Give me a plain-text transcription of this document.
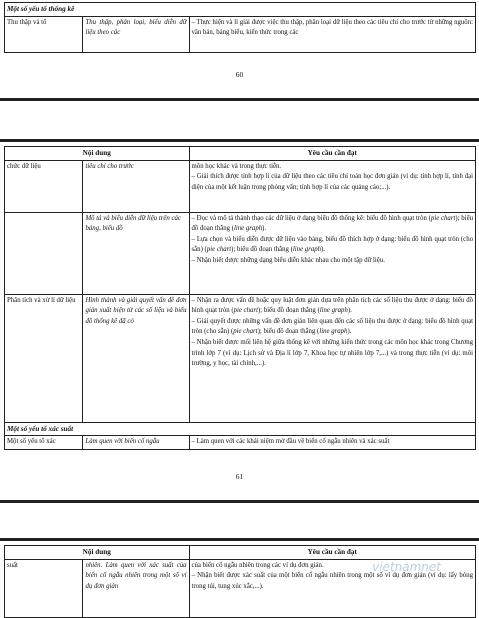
Một số yếu tố thống kê
Thu thập và tổ	Thu thập, phân loại, biểu diễn dữ liệu theo các	– Thực hiện và lí giải được việc thu thập, phân loại dữ liệu theo các tiêu chí cho trước từ những nguồn: văn bản, bảng biểu, kiến thức trong các
60
Nội dung		Yêu cầu cần đạt
chức dữ liệu	tiêu chí cho trước	môn học khác và trong thực tiễn.
– Giải thích được tính hợp lí của dữ liệu theo các tiêu chí toán học đơn giản (ví dụ: tính hợp lí, tính đại diện của một kết luận trong phỏng vấn; tính hợp lí của các quảng cáo;...).

	Mô tả và biểu diễn dữ liệu trên các bảng, biểu đồ	– Đọc và mô tả thành thạo các dữ liệu ở dạng biểu đồ thống kê: biểu đồ hình quạt tròn (pie chart); biểu đồ đoạn thẳng (line graph).
– Lựa chọn và biểu diễn được dữ liệu vào bảng, biểu đồ thích hợp ở dạng: biểu đồ hình quạt tròn (cho sẵn) (pie chart); biểu đồ đoạn thẳng (line graph).
– Nhận biết được những dạng biểu diễn khác nhau cho một tập dữ liệu.

Phân tích và xử lí dữ liệu	Hình thành và giải quyết vấn đề đơn giản xuất hiện từ các số liệu và biểu đồ thống kê đã có	– Nhận ra được vấn đề hoặc quy luật đơn giản dựa trên phân tích các số liệu thu được ở dạng: biểu đồ hình quạt tròn (pie chart); biểu đồ đoạn thẳng (line graph).
– Giải quyết được những vấn đề đơn giản liên quan đến các số liệu thu được ở dạng: biểu đồ hình quạt tròn (cho sẵn) (pie chart); biểu đồ đoạn thẳng (line graph).
– Nhận biết được mối liên hệ giữa thống kê với những kiến thức trong các môn học khác trong Chương trình lớp 7 (ví dụ: Lịch sử và Địa lí lớp 7, Khoa học tự nhiên lớp 7,...) và trong thực tiễn (ví dụ: môi trường, y học, tài chính,...).

Một số yếu tố xác suất		
Một số yếu tố xác	Làm quen với biến cố ngẫu	– Làm quen với các khái niệm mở đầu về biến cố ngẫu nhiên và xác suất
61
Nội dung		Yêu cầu cần đạt
suất	nhiên. Làm quen với xác suất của biến cố ngẫu nhiên trong một số ví dụ đơn giản	của biến cố ngẫu nhiên trong các ví dụ đơn giản.
– Nhận biết được xác suất của một biến cố ngẫu nhiên trong một số ví dụ đơn giản (ví dụ: lấy bóng trong túi, tung xúc xắc,...).
vietnamnet
